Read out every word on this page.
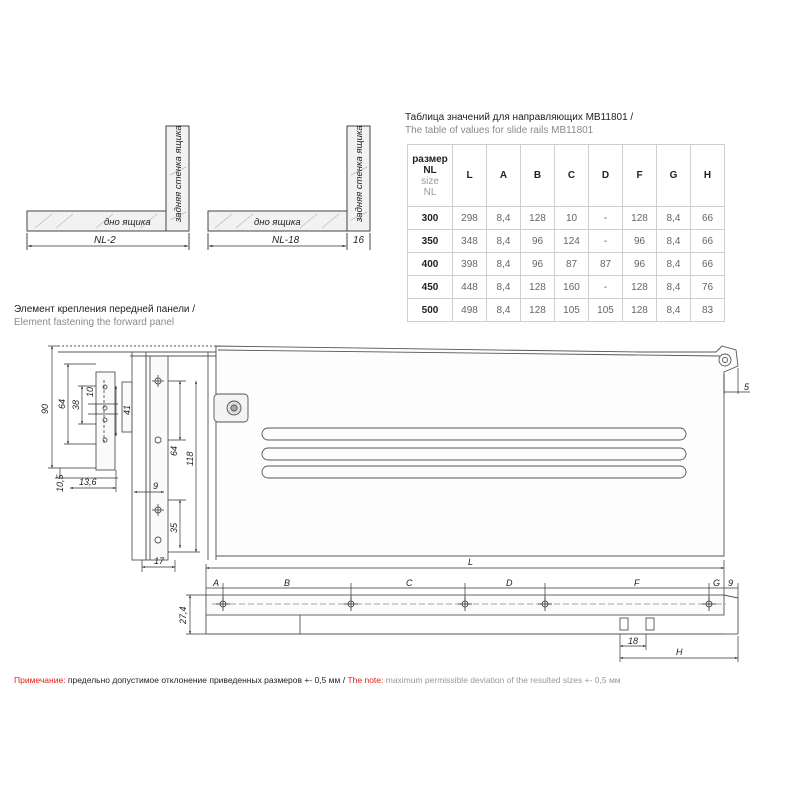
задняя стенка ящика
дно ящика
NL-2
задняя стенка ящика
дно ящика
NL-18	16
90 64 38
10
41
10,5 13,6	9
64
118
35
17
5
L
A	B	C	D	F	G 9
27,4
18
H
Таблица значений для направляющих МВ11801 /
The table of values for slide rails МВ11801
размер
NL

size
NL	L	A	B	C	D	F	G	H
300	298	8,4	128	10	-	128	8,4	66
350	348	8,4	96	124	-	96	8,4	66
400	398	8,4	96	87	87	96	8,4	66
450	448	8,4	128	160	-	128	8,4	76
500	498	8,4	128	105	105	128	8,4	83
Элемент крепления передней панели /
Element fastening the forward panel
Примечание: предельно допустимое отклонение приведенных размеров +- 0,5 мм / The note: maximum permissible deviation of the resulted sizes +- 0,5 мм
